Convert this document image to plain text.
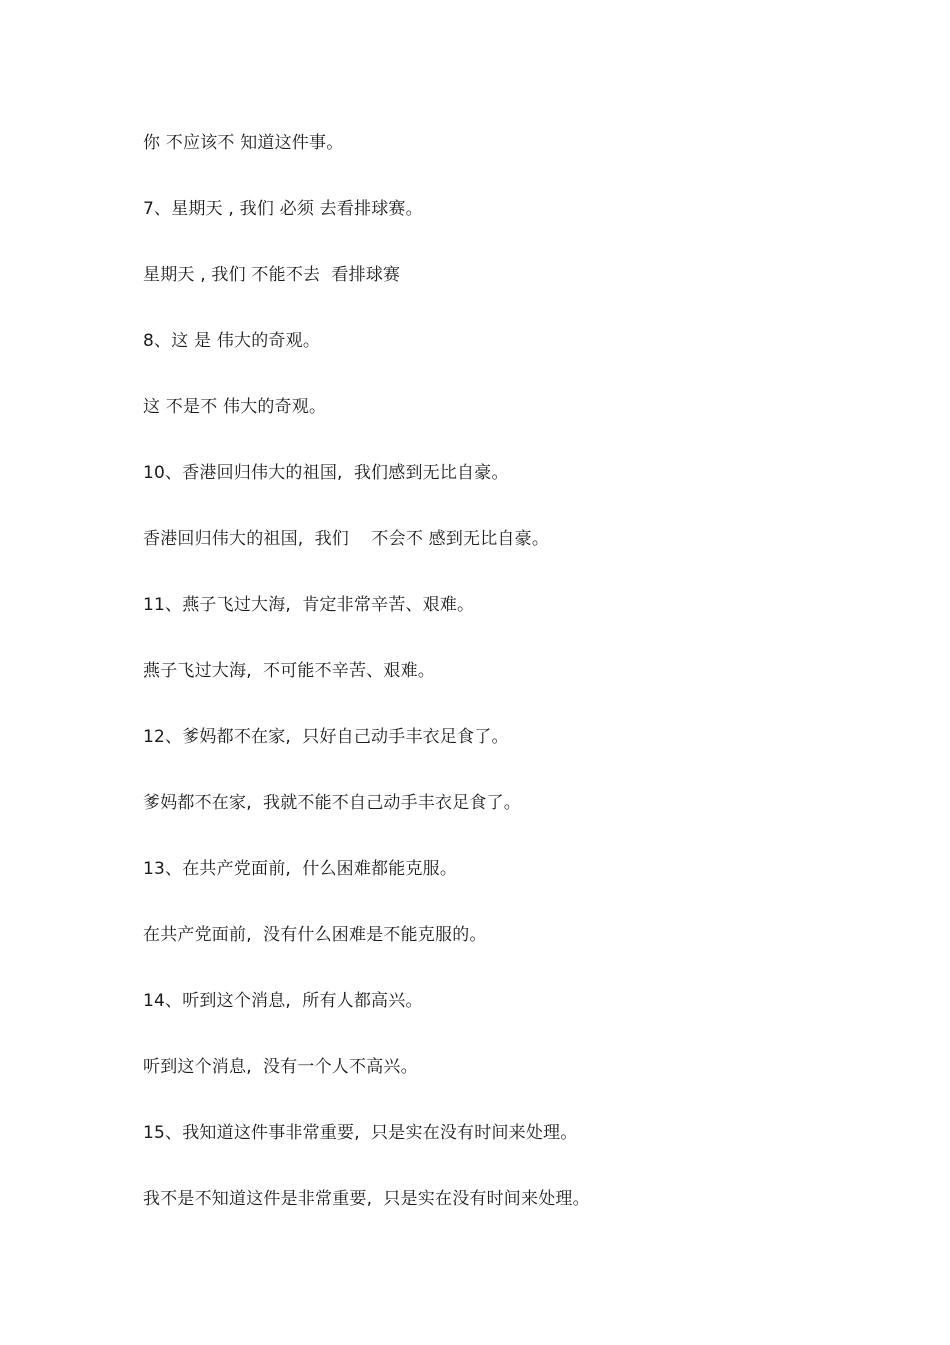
你 不应该不 知道这件事。
7、星期天 , 我们 必须 去看排球赛。
星期天 , 我们 不能不去  看排球赛
8、这 是 伟大的奇观。
这 不是不 伟大的奇观。
10、香港回归伟大的祖国,  我们感到无比自豪。
香港回归伟大的祖国,  我们    不会不 感到无比自豪。
11、燕子飞过大海,  肯定非常辛苦、艰难。
燕子飞过大海,  不可能不辛苦、艰难。
12、爹妈都不在家,  只好自己动手丰衣足食了。
爹妈都不在家,  我就不能不自己动手丰衣足食了。
13、在共产党面前,  什么困难都能克服。
在共产党面前,  没有什么困难是不能克服的。
14、听到这个消息,  所有人都高兴。
听到这个消息,  没有一个人不高兴。
15、我知道这件事非常重要,  只是实在没有时间来处理。
我不是不知道这件是非常重要,  只是实在没有时间来处理。
